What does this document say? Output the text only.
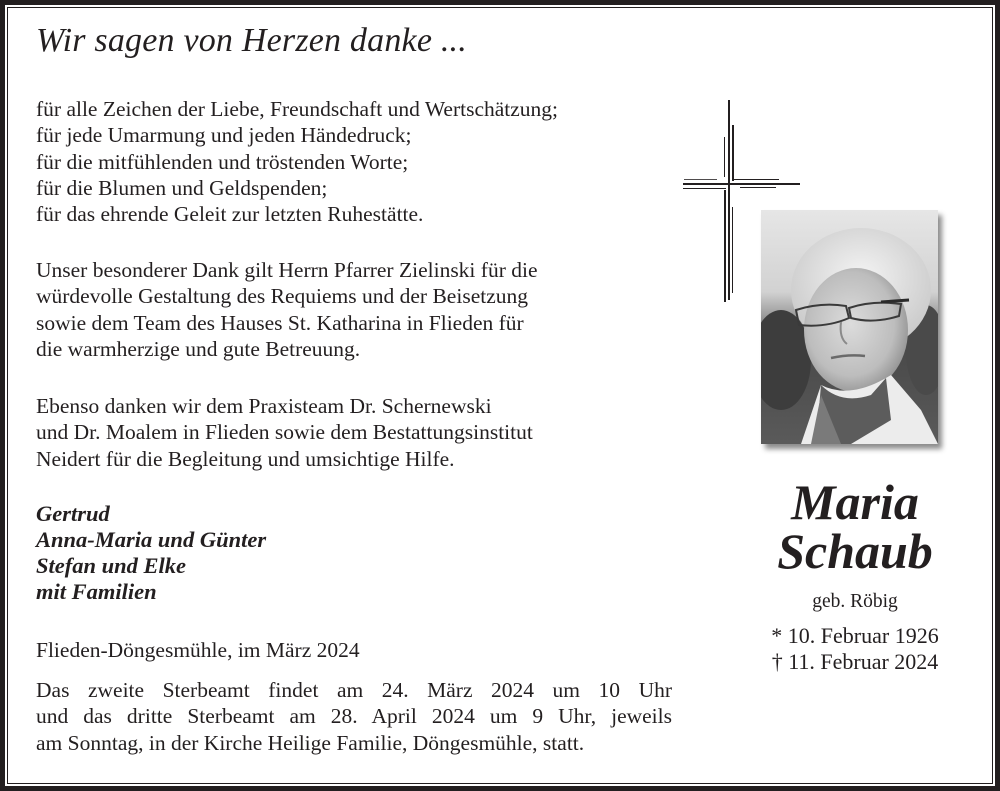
Wir sagen von Herzen danke ...
für alle Zeichen der Liebe, Freundschaft und Wertschätzung;
für jede Umarmung und jeden Händedruck;
für die mitfühlenden und tröstenden Worte;
für die Blumen und Geldspenden;
für das ehrende Geleit zur letzten Ruhestätte.
Unser besonderer Dank gilt Herrn Pfarrer Zielinski für die
würdevolle Gestaltung des Requiems und der Beisetzung
sowie dem Team des Hauses St. Katharina in Flieden für
die warmherzige und gute Betreuung.
Ebenso danken wir dem Praxisteam Dr. Schernewski
und Dr. Moalem in Flieden sowie dem Bestattungsinstitut
Neidert für die Begleitung und umsichtige Hilfe.
Gertrud
Anna-Maria und Günter
Stefan und Elke
mit Familien
Flieden-Döngesmühle, im März 2024
Das zweite Sterbeamt findet am 24. März 2024 um 10 Uhr
und das dritte Sterbeamt am 28. April 2024 um 9 Uhr, jeweils
am Sonntag, in der Kirche Heilige Familie, Döngesmühle, statt.
Maria
Schaub
geb. Röbig
* 10. Februar 1926
† 11. Februar 2024
